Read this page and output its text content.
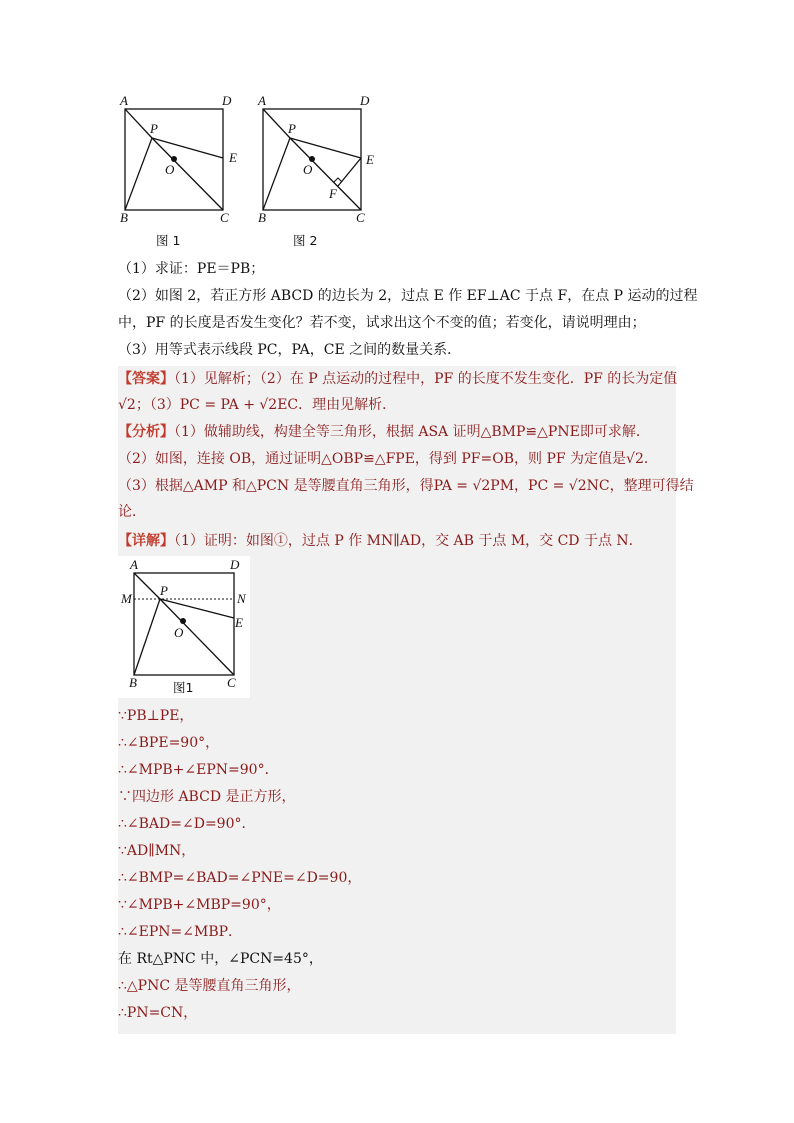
A	D
P
E
O
B	C
图 1
A	D
P
E
O
F
B	C
图 2
（1）求证：PE＝PB；
（2）如图 2，若正方形 ABCD 的边长为 2，过点 E 作 EF⊥AC 于点 F，在点 P 运动的过程
中，PF 的长度是否发生变化？若不变，试求出这个不变的值；若变化，请说明理由；
（3）用等式表示线段 PC，PA，CE 之间的数量关系．
【答案】（1）见解析；（2）在 P 点运动的过程中，PF 的长度不发生变化．PF 的长为定值
√2；（3）PC = PA + √2EC．理由见解析．
【分析】（1）做辅助线，构建全等三角形，根据 ASA 证明△BMP≌△PNE即可求解．
（2）如图，连接 OB，通过证明△OBP≌△FPE，得到 PF=OB，则 PF 为定值是√2．
（3）根据△AMP 和△PCN 是等腰直角三角形，得PA = √2PM，PC = √2NC，整理可得结
论．
【详解】（1）证明：如图①，过点 P 作 MN∥AD，交 AB 于点 M，交 CD 于点 N．
A	D
P
M	N
E
O
B	C
图1
∵PB⊥PE，
∴∠BPE=90°，
∴∠MPB+∠EPN=90°．
∵四边形 ABCD 是正方形，
∴∠BAD=∠D=90°．
∵AD∥MN，
∴∠BMP=∠BAD=∠PNE=∠D=90，
∵∠MPB+∠MBP=90°，
∴∠EPN=∠MBP．
在 Rt△PNC 中，∠PCN=45°，
∴△PNC 是等腰直角三角形，
∴PN=CN，
